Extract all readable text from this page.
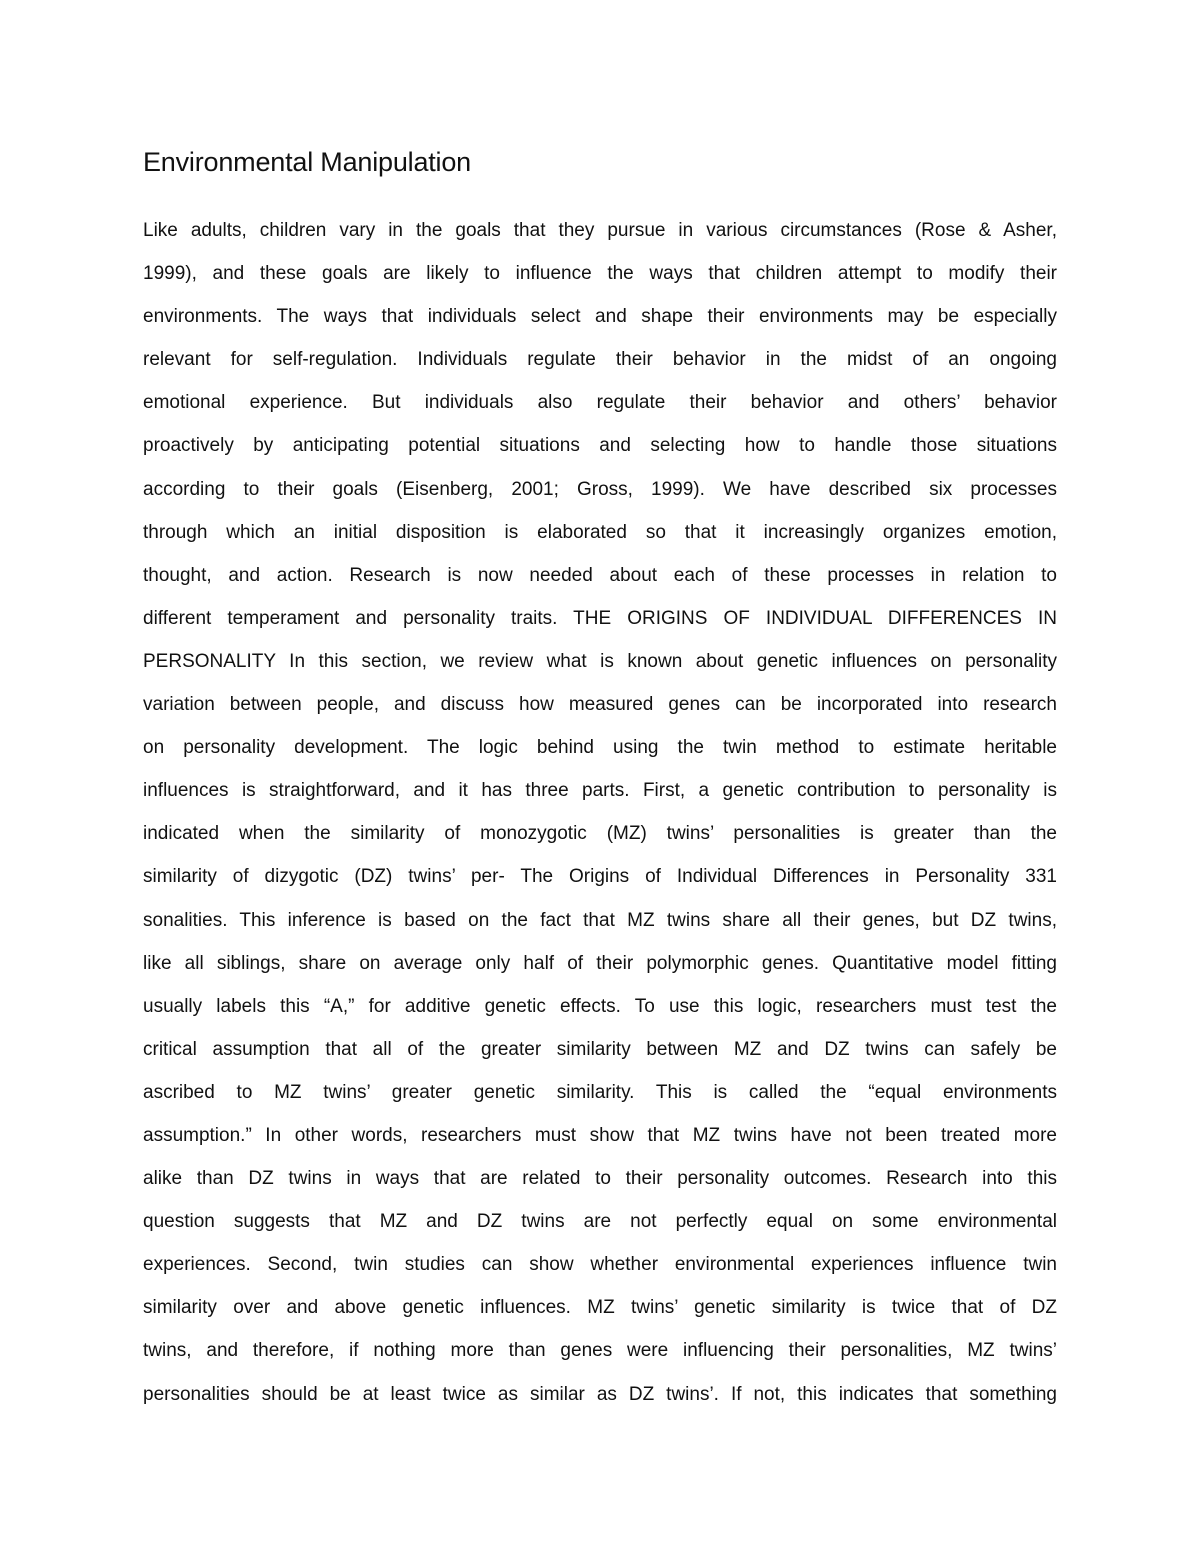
Environmental Manipulation
Like adults, children vary in the goals that they pursue in various circumstances (Rose & Asher,
1999), and these goals are likely to influence the ways that children attempt to modify their
environments. The ways that individuals select and shape their environments may be especially
relevant for self-regulation. Individuals regulate their behavior in the midst of an ongoing
emotional experience. But individuals also regulate their behavior and others’ behavior
proactively by anticipating potential situations and selecting how to handle those situations
according to their goals (Eisenberg, 2001; Gross, 1999). We have described six processes
through which an initial disposition is elaborated so that it increasingly organizes emotion,
thought, and action. Research is now needed about each of these processes in relation to
different temperament and personality traits. THE ORIGINS OF INDIVIDUAL DIFFERENCES IN
PERSONALITY In this section, we review what is known about genetic influences on personality
variation between people, and discuss how measured genes can be incorporated into research
on personality development. The logic behind using the twin method to estimate heritable
influences is straightforward, and it has three parts. First, a genetic contribution to personality is
indicated when the similarity of monozygotic (MZ) twins’ personalities is greater than the
similarity of dizygotic (DZ) twins’ per- The Origins of Individual Differences in Personality 331
sonalities. This inference is based on the fact that MZ twins share all their genes, but DZ twins,
like all siblings, share on average only half of their polymorphic genes. Quantitative model fitting
usually labels this “A,” for additive genetic effects. To use this logic, researchers must test the
critical assumption that all of the greater similarity between MZ and DZ twins can safely be
ascribed to MZ twins’ greater genetic similarity. This is called the “equal environments
assumption.” In other words, researchers must show that MZ twins have not been treated more
alike than DZ twins in ways that are related to their personality outcomes. Research into this
question suggests that MZ and DZ twins are not perfectly equal on some environmental
experiences. Second, twin studies can show whether environmental experiences influence twin
similarity over and above genetic influences. MZ twins’ genetic similarity is twice that of DZ
twins, and therefore, if nothing more than genes were influencing their personalities, MZ twins’
personalities should be at least twice as similar as DZ twins’. If not, this indicates that something
